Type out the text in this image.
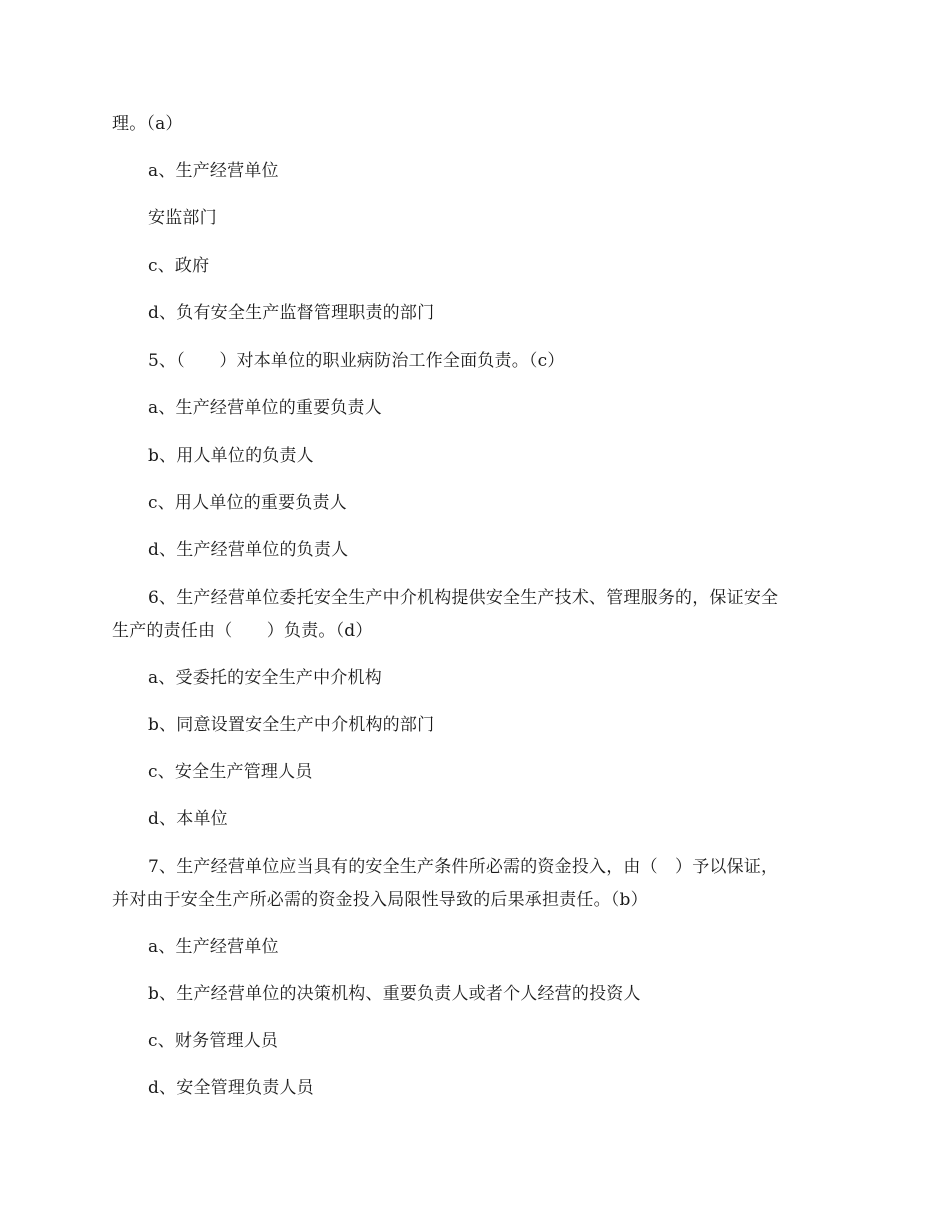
理。（a）
a、生产经营单位
安监部门
c、政府
d、负有安全生产监督管理职责的部门
5、（　　）对本单位的职业病防治工作全面负责。（c）
a、生产经营单位的重要负责人
b、用人单位的负责人
c、用人单位的重要负责人
d、生产经营单位的负责人
6、生产经营单位委托安全生产中介机构提供安全生产技术、管理服务的，保证安全
生产的责任由（　　）负责。（d）
a、受委托的安全生产中介机构
b、同意设置安全生产中介机构的部门
c、安全生产管理人员
d、本单位
7、生产经营单位应当具有的安全生产条件所必需的资金投入，由（　）予以保证，
并对由于安全生产所必需的资金投入局限性导致的后果承担责任。（b）
a、生产经营单位
b、生产经营单位的决策机构、重要负责人或者个人经营的投资人
c、财务管理人员
d、安全管理负责人员
